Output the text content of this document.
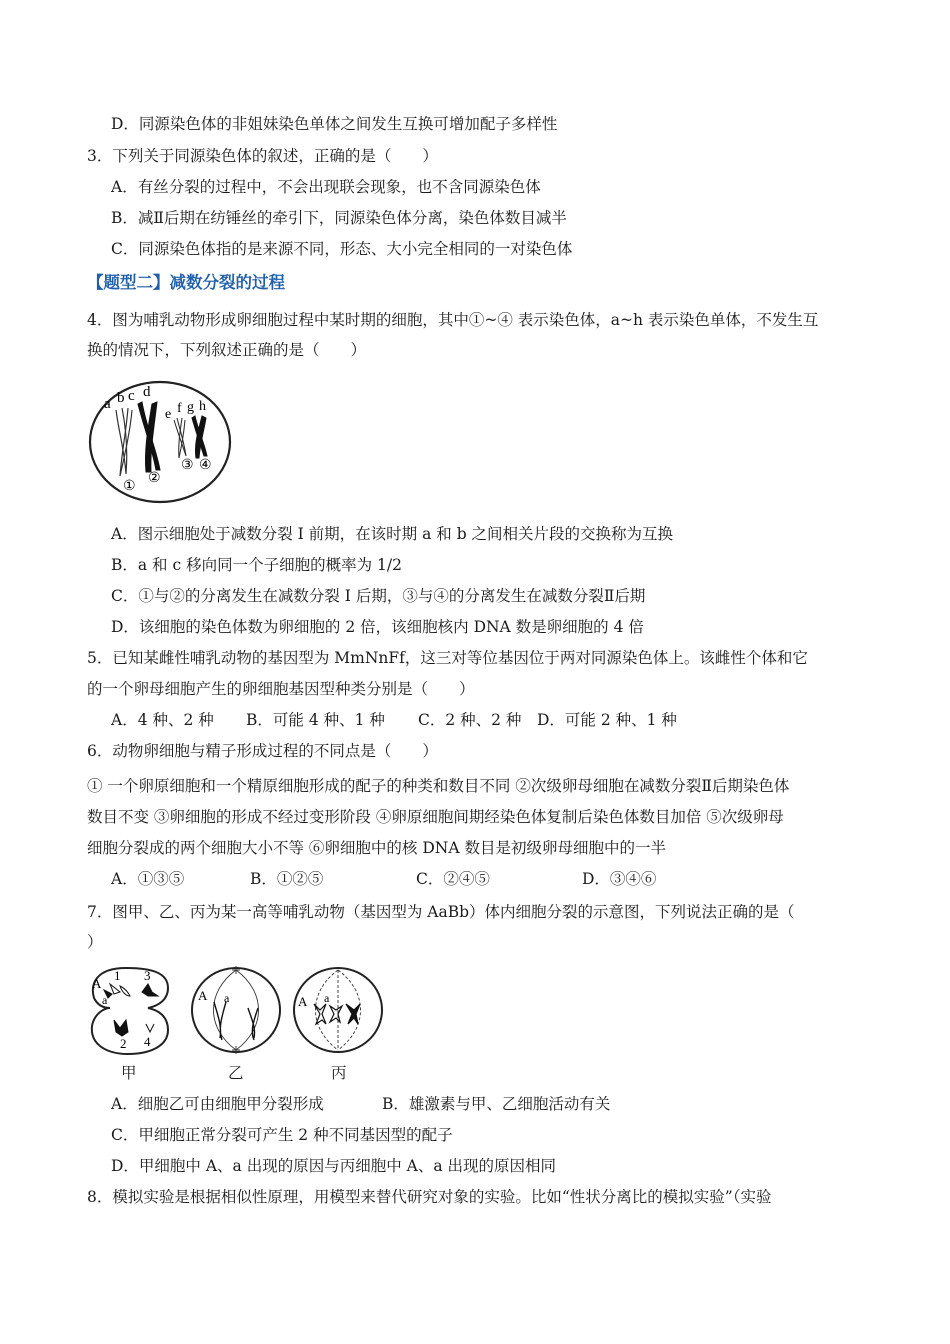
D．同源染色体的非姐妹染色单体之间发生互换可增加配子多样性
3．下列关于同源染色体的叙述，正确的是（　　）
A．有丝分裂的过程中，不会出现联会现象，也不含同源染色体
B．减Ⅱ后期在纺锤丝的牵引下，同源染色体分离，染色体数目减半
C．同源染色体指的是来源不同，形态、大小完全相同的一对染色体
【题型二】减数分裂的过程
4．图为哺乳动物形成卵细胞过程中某时期的细胞，其中①~④ 表示染色体，a~h 表示染色单体，不发生互
换的情况下，下列叙述正确的是（　　）
a b c d
e f g h
①
②
③ ④
A．图示细胞处于减数分裂 I 前期，在该时期 a 和 b 之间相关片段的交换称为互换
B．a 和 c 移向同一个子细胞的概率为 1/2
C．①与②的分离发生在减数分裂 I 后期，③与④的分离发生在减数分裂Ⅱ后期
D．该细胞的染色体数为卵细胞的 2 倍，该细胞核内 DNA 数是卵细胞的 4 倍
5．已知某雌性哺乳动物的基因型为 MmNnFf，这三对等位基因位于两对同源染色体上。该雌性个体和它
的一个卵母细胞产生的卵细胞基因型种类分别是（　　）
A．4 种、2 种 B．可能 4 种、1 种 C．2 种、2 种 D．可能 2 种、1 种
6．动物卵细胞与精子形成过程的不同点是（　　）
① 一个卵原细胞和一个精原细胞形成的配子的种类和数目不同 ②次级卵母细胞在减数分裂Ⅱ后期染色体
数目不变 ③卵细胞的形成不经过变形阶段 ④卵原细胞间期经染色体复制后染色体数目加倍 ⑤次级卵母
细胞分裂成的两个细胞大小不等 ⑥卵细胞中的核 DNA 数目是初级卵母细胞中的一半
A．①③⑤	B．①②⑤	C．②④⑤	D．③④⑥
7．图甲、乙、丙为某一高等哺乳动物（基因型为 AaBb）体内细胞分裂的示意图，下列说法正确的是（
）
A
a
1 3
2 4
A a	A a
甲	乙	丙
A．细胞乙可由细胞甲分裂形成	B．雄激素与甲、乙细胞活动有关
C．甲细胞正常分裂可产生 2 种不同基因型的配子
D．甲细胞中 A、a 出现的原因与丙细胞中 A、a 出现的原因相同
8．模拟实验是根据相似性原理，用模型来替代研究对象的实验。比如“性状分离比的模拟实验”（实验
